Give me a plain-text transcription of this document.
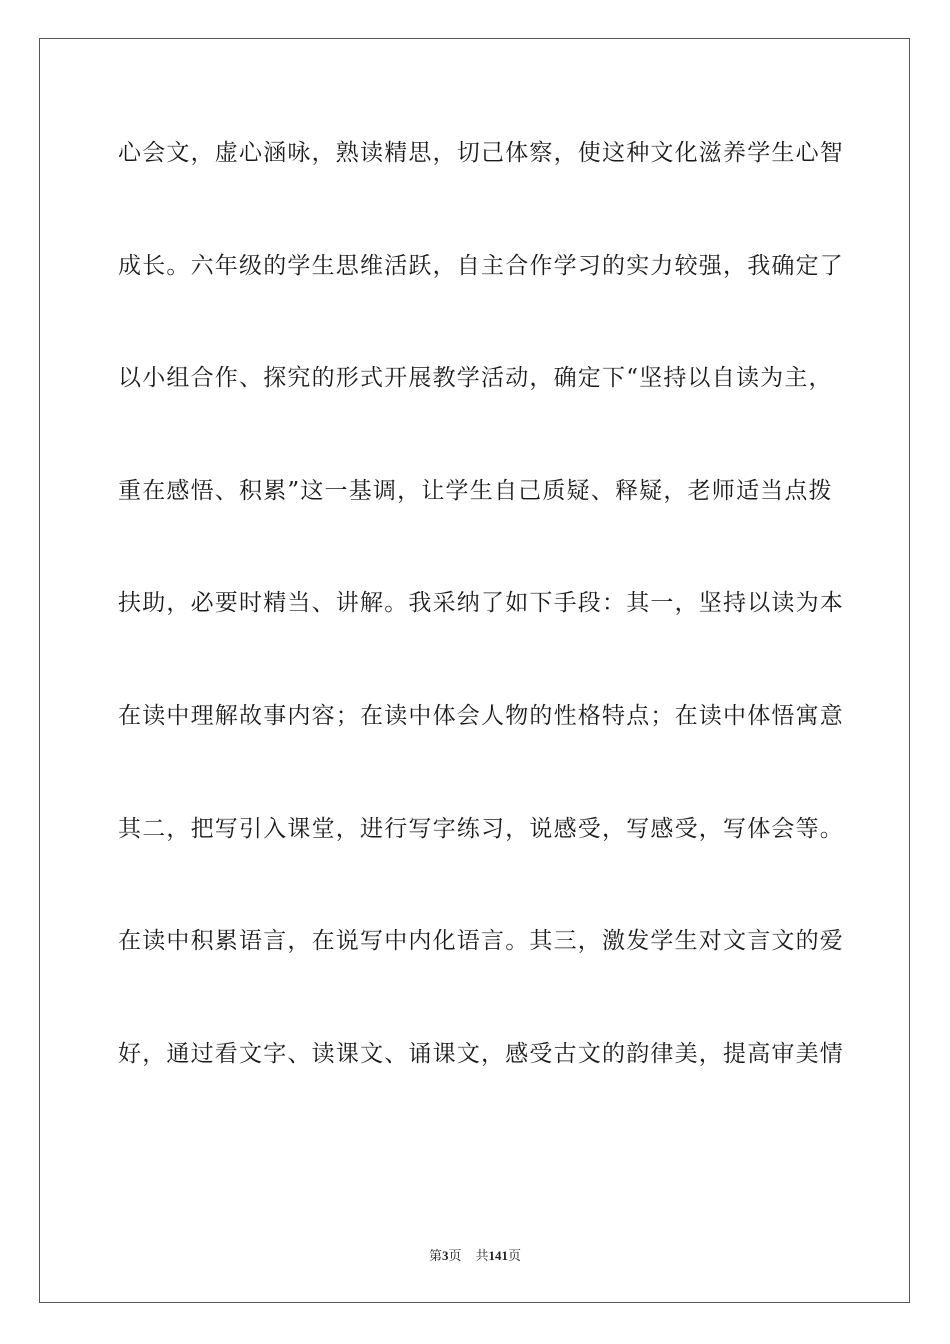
心会文，虚心涵咏，熟读精思，切己体察，使这种文化滋养学生心智
成长。六年级的学生思维活跃，自主合作学习的实力较强，我确定了
以小组合作、探究的形式开展教学活动，确定下“坚持以自读为主，
重在感悟、积累”这一基调，让学生自己质疑、释疑，老师适当点拨
扶助，必要时精当、讲解。我采纳了如下手段：其一，坚持以读为本
在读中理解故事内容；在读中体会人物的性格特点；在读中体悟寓意
其二，把写引入课堂，进行写字练习，说感受，写感受，写体会等。
在读中积累语言，在说写中内化语言。其三，激发学生对文言文的爱
好，通过看文字、读课文、诵课文，感受古文的韵律美，提高审美情
第3页 共141页
